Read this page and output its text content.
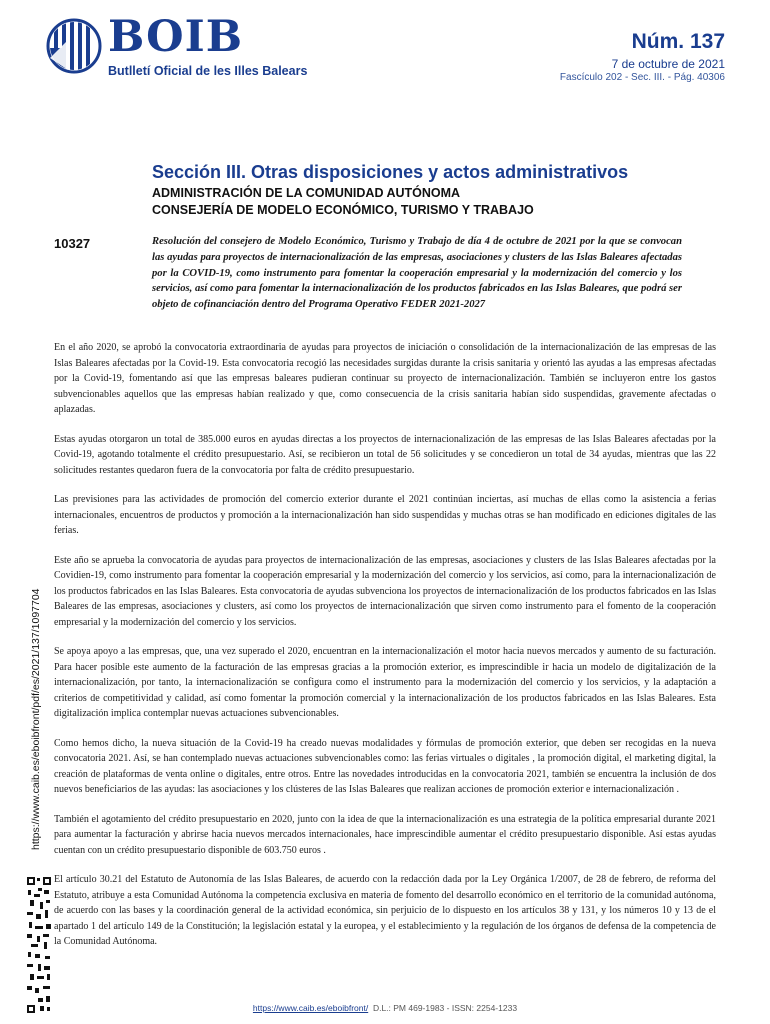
BOIB
Butlletí Oficial de les Illes Balears
Núm. 137
7 de octubre de 2021
Fascículo 202 - Sec. III. - Pág. 40306
Sección III. Otras disposiciones y actos administrativos
ADMINISTRACIÓN DE LA COMUNIDAD AUTÓNOMA
CONSEJERÍA DE MODELO ECONÓMICO, TURISMO Y TRABAJO
10327	Resolución del consejero de Modelo Económico, Turismo y Trabajo de día 4 de octubre de 2021 por la que se convocan las ayudas para proyectos de internacionalización de las empresas, asociaciones y clusters de las Islas Baleares afectadas por la COVID-19, como instrumento para fomentar la cooperación empresarial y la modernización del comercio y los servicios, así como para fomentar la internacionalización de los productos fabricados en las Islas Baleares, que podrá ser objeto de cofinanciación dentro del Programa Operativo FEDER 2021-2027

En el año 2020, se aprobó la convocatoria extraordinaria de ayudas para proyectos de iniciación o consolidación de la internacionalización de las empresas de las Islas Baleares afectadas por la Covid-19. Esta convocatoria recogió las necesidades surgidas durante la crisis sanitaria y orientó las ayudas a las empresas afectadas por la Covid-19, fomentando así que las empresas baleares pudieran continuar su proyecto de internacionalización. También se incluyeron entre los gastos subvencionables aquellos que las empresas habían realizado y que, como consecuencia de la crisis sanitaria habían sido suspendidas, gravemente afectadas o aplazadas.

Estas ayudas otorgaron un total de 385.000 euros en ayudas directas a los proyectos de internacionalización de las empresas de las Islas Baleares afectadas por la Covid-19, agotando totalmente el crédito presupuestario. Así, se recibieron un total de 56 solicitudes y se concedieron un total de 34 ayudas, mientras que las 22 solicitudes restantes quedaron fuera de la convocatoria por falta de crédito presupuestario.

Las previsiones para las actividades de promoción del comercio exterior durante el 2021 continúan inciertas, así muchas de ellas como la asistencia a ferias internacionales, encuentros de productos y promoción a la internacionalización han sido suspendidas y muchas otras se han modificado en ediciones digitales de las ferias.

Este año se aprueba la convocatoria de ayudas para proyectos de internacionalización de las empresas, asociaciones y clusters de las Islas Baleares afectadas por la Covidien-19, como instrumento para fomentar la cooperación empresarial y la modernización del comercio y los servicios, así como, para la internacionalización de los productos fabricados en las Islas Baleares. Esta convocatoria de ayudas subvenciona los proyectos de internacionalización de los productos fabricados en las Islas Baleares de las empresas, asociaciones y clusters, así como los proyectos de internacionalización que sirven como instrumento para el fomento de la cooperación empresarial y la modernización del comercio y los servicios.

Se apoya apoyo a las empresas, que, una vez superado el 2020, encuentran en la internacionalización el motor hacia nuevos mercados y aumento de su facturación. Para hacer posible este aumento de la facturación de las empresas gracias a la promoción exterior, es imprescindible ir hacia un modelo de digitalización de la internacionalización, por tanto, la internacionalización se configura como el instrumento para la modernización del comercio y los servicios, y la adaptación a criterios de competitividad y calidad, así como fomentar la promoción comercial y la internacionalización de los productos fabricados en las Islas Baleares. Esta digitalización implica contemplar nuevas actuaciones subvencionables.

Como hemos dicho, la nueva situación de la Covid-19 ha creado nuevas modalidades y fórmulas de promoción exterior, que deben ser recogidas en la nueva convocatoria 2021. Así, se han contemplado nuevas actuaciones subvencionables como: las ferias virtuales o digitales , la promoción digital, el marketing digital, la creación de plataformas de venta online o digitales, entre otros. Entre las novedades introducidas en la convocatoria 2021, también se encuentra la inclusión de dos nuevos beneficiarios de las ayudas: las asociaciones y los clústeres de las Islas Baleares que realizan acciones de promoción exterior e internacionalización .

También el agotamiento del crédito presupuestario en 2020, junto con la idea de que la internacionalización es una estrategia de la política empresarial durante 2021 para aumentar la facturación y abrirse hacia nuevos mercados internacionales, hace imprescindible aumentar el crédito presupuestario disponible. Así estas ayudas cuentan con un crédito presupuestario disponible de 603.750 euros .

El artículo 30.21 del Estatuto de Autonomía de las Islas Baleares, de acuerdo con la redacción dada por la Ley Orgánica 1/2007, de 28 de febrero, de reforma del Estatuto, atribuye a esta Comunidad Autónoma la competencia exclusiva en materia de fomento del desarrollo económico en el territorio de la comunidad autónoma, de acuerdo con las bases y la coordinación general de la actividad económica, sin perjuicio de lo dispuesto en los artículos 38 y 131, y los números 10 y 13 de el apartado 1 del artículo 149 de la Constitución; la legislación estatal y la europea, y el establecimiento y la regulación de los órganos de defensa de la competencia de la Comunidad Autónoma.

https://www.caib.es/eboibfront/pdf/es/2021/137/1097704
https://www.caib.es/eboibfront/ D.L.: PM 469-1983 - ISSN: 2254-1233
